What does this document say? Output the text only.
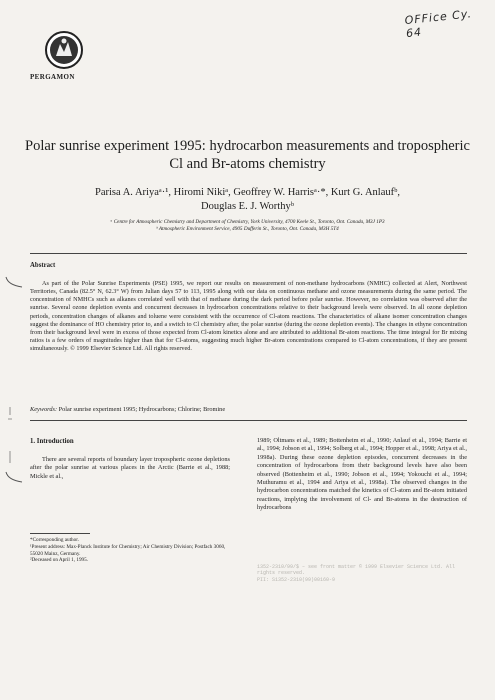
OFFice Cy. 64
PERGAMON
Polar sunrise experiment 1995: hydrocarbon measurements and tropospheric Cl and Br-atoms chemistry
Parisa A. Ariyaᵃ·¹, Hiromi Nikiᵃ, Geoffrey W. Harrisᵃ·*, Kurt G. Anlaufᵇ,
Douglas E. J. Worthyᵇ
ᵃ Centre for Atmospheric Chemistry and Department of Chemistry, York University, 4700 Keele St., Toronto, Ont. Canada, M3J 1P3
ᵇ Atmospheric Environment Service, 4905 Dufferin St., Toronto, Ont. Canada, M3H 5T4
Abstract
As part of the Polar Sunrise Experiments (PSE) 1995, we report our results on measurement of non-methane hydrocarbons (NMHC) collected at Alert, Northwest Territories, Canada (82.5° N, 62.3° W) from Julian days 57 to 113, 1995 along with our data on continuous methane and ozone measurements during the same period. The concentration of NMHCs such as alkanes correlated well with that of methane during the dark period before polar sunrise. However, no correlation was observed after the sunrise. Several ozone depletion events and concurrent decreases in hydrocarbon concentrations relative to their background levels were observed. In all ozone depletion periods, concentration changes of alkanes and toluene were consistent with the occurrence of Cl-atom reactions. The characteristics of alkane isomer concentration changes suggest the dominance of HO chemistry prior to, and a switch to Cl chemistry after, the polar sunrise (during the ozone depletion events). The changes in ethyne concentration from their background level were in excess of those expected from Cl-atom kinetics alone and are attributed to additional Br-atom reactions. The time integral for Br mixing ratios is a few orders of magnitudes higher than that for Cl-atoms, suggesting much higher Br-atom concentrations compared to Cl-atom concentrations, if they are present simultaneously. © 1999 Elsevier Science Ltd. All rights reserved.
Keywords: Polar sunrise experiment 1995; Hydrocarbons; Chlorine; Bromine
1. Introduction
There are several reports of boundary layer tropospheric ozone depletions after the polar sunrise at various places in the Arctic (Barrie et al., 1988; Mickle et al.,
*Corresponding author.
¹Present address: Max-Planck Institute for Chemistry; Air Chemistry Division; Postfach 3060, 55020 Mainz, Germany.
²Deceased on April 1, 1995.
1989; Oltmans et al., 1989; Bottenheim et al., 1990; Anlauf et al., 1994; Barrie et al., 1994; Jobson et al., 1994; Solberg et al., 1994; Hopper et al., 1998; Ariya et al., 1998a). During these ozone depletion episodes, concurrent decreases in the concentration of hydrocarbons from their background levels have also been observed (Bottenheim et al., 1990; Jobson et al., 1994; Yokouchi et al., 1994; Muthuramu et al., 1994 and Ariya et al., 1998a). The observed changes in the hydrocarbon concentrations matched the kinetics of Cl-atom and Br-atom initiated reactions, implying the involvement of Cl- and Br-atoms in the destruction of hydrocarbons
1352-2310/99/$ – see front matter © 1999 Elsevier Science Ltd. All rights reserved.
PII: S1352-2310(99)00160-9
